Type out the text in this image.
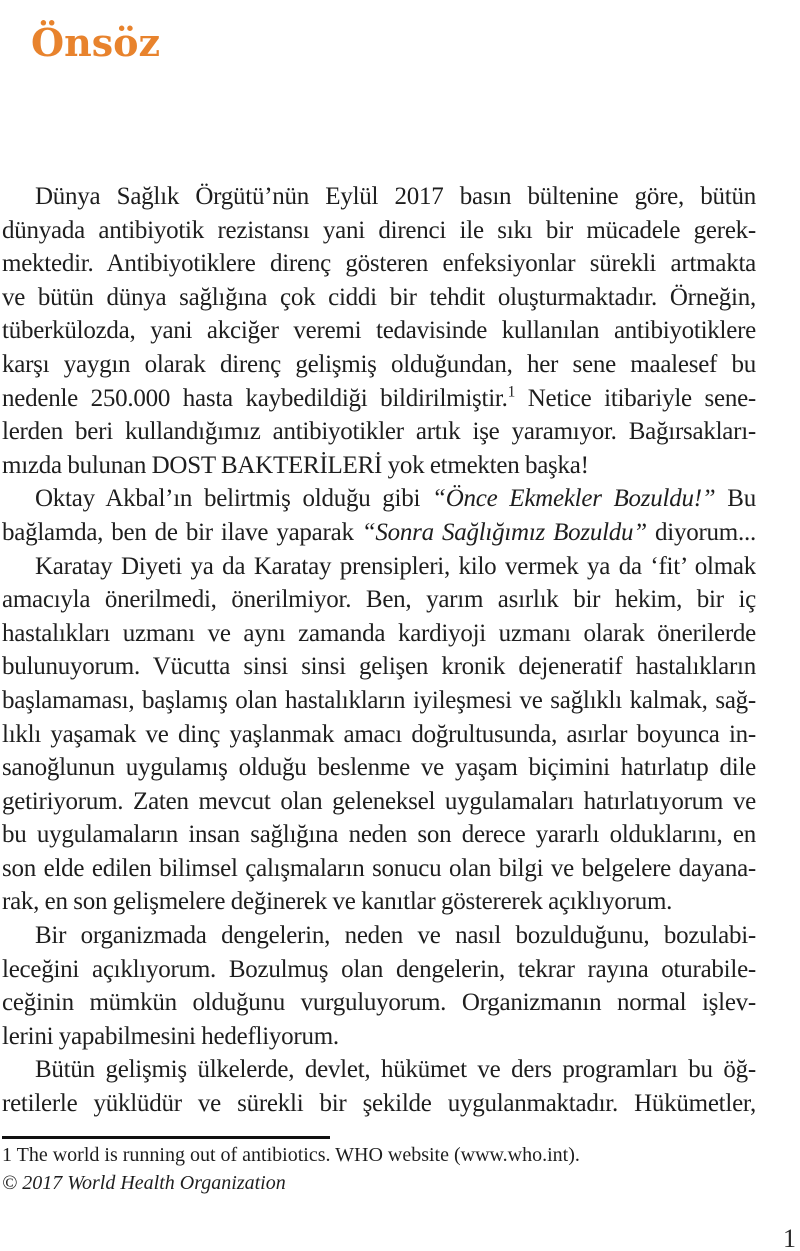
Önsöz
Dünya Sağlık Örgütü’nün Eylül 2017 basın bültenine göre, bütün
dünyada antibiyotik rezistansı yani direnci ile sıkı bir mücadele gerek-
mektedir. Antibiyotiklere direnç gösteren enfeksiyonlar sürekli artmakta
ve bütün dünya sağlığına çok ciddi bir tehdit oluşturmaktadır. Örneğin,
tüberkülozda, yani akciğer veremi tedavisinde kullanılan antibiyotiklere
karşı yaygın olarak direnç gelişmiş olduğundan, her sene maalesef bu
nedenle 250.000 hasta kaybedildiği bildirilmiştir.$^1$ Netice itibariyle sene-
lerden beri kullandığımız antibiyotikler artık işe yaramıyor. Bağırsakları-
mızda bulunan DOST BAKTERİLERİ yok etmekten başka!
Oktay Akbal’ın belirtmiş olduğu gibi “Önce Ekmekler Bozuldu!” Bu
bağlamda, ben de bir ilave yaparak “Sonra Sağlığımız Bozuldu” diyorum...
Karatay Diyeti ya da Karatay prensipleri, kilo vermek ya da ‘fit’ olmak
amacıyla önerilmedi, önerilmiyor. Ben, yarım asırlık bir hekim, bir iç
hastalıkları uzmanı ve aynı zamanda kardiyoji uzmanı olarak önerilerde
bulunuyorum. Vücutta sinsi sinsi gelişen kronik dejeneratif hastalıkların
başlamaması, başlamış olan hastalıkların iyileşmesi ve sağlıklı kalmak, sağ-
lıklı yaşamak ve dinç yaşlanmak amacı doğrultusunda, asırlar boyunca in-
sanoğlunun uygulamış olduğu beslenme ve yaşam biçimini hatırlatıp dile
getiriyorum. Zaten mevcut olan geleneksel uygulamaları hatırlatıyorum ve
bu uygulamaların insan sağlığına neden son derece yararlı olduklarını, en
son elde edilen bilimsel çalışmaların sonucu olan bilgi ve belgelere dayana-
rak, en son gelişmelere değinerek ve kanıtlar göstererek açıklıyorum.
Bir organizmada dengelerin, neden ve nasıl bozulduğunu, bozulabi-
leceğini açıklıyorum. Bozulmuş olan dengelerin, tekrar rayına oturabile-
ceğinin mümkün olduğunu vurguluyorum. Organizmanın normal işlev-
lerini yapabilmesini hedefliyorum.
Bütün gelişmiş ülkelerde, devlet, hükümet ve ders programları bu öğ-
retilerle yüklüdür ve sürekli bir şekilde uygulanmaktadır. Hükümetler,
1 The world is running out of antibiotics. WHO website (www.who.int).
© 2017 World Health Organization
1
